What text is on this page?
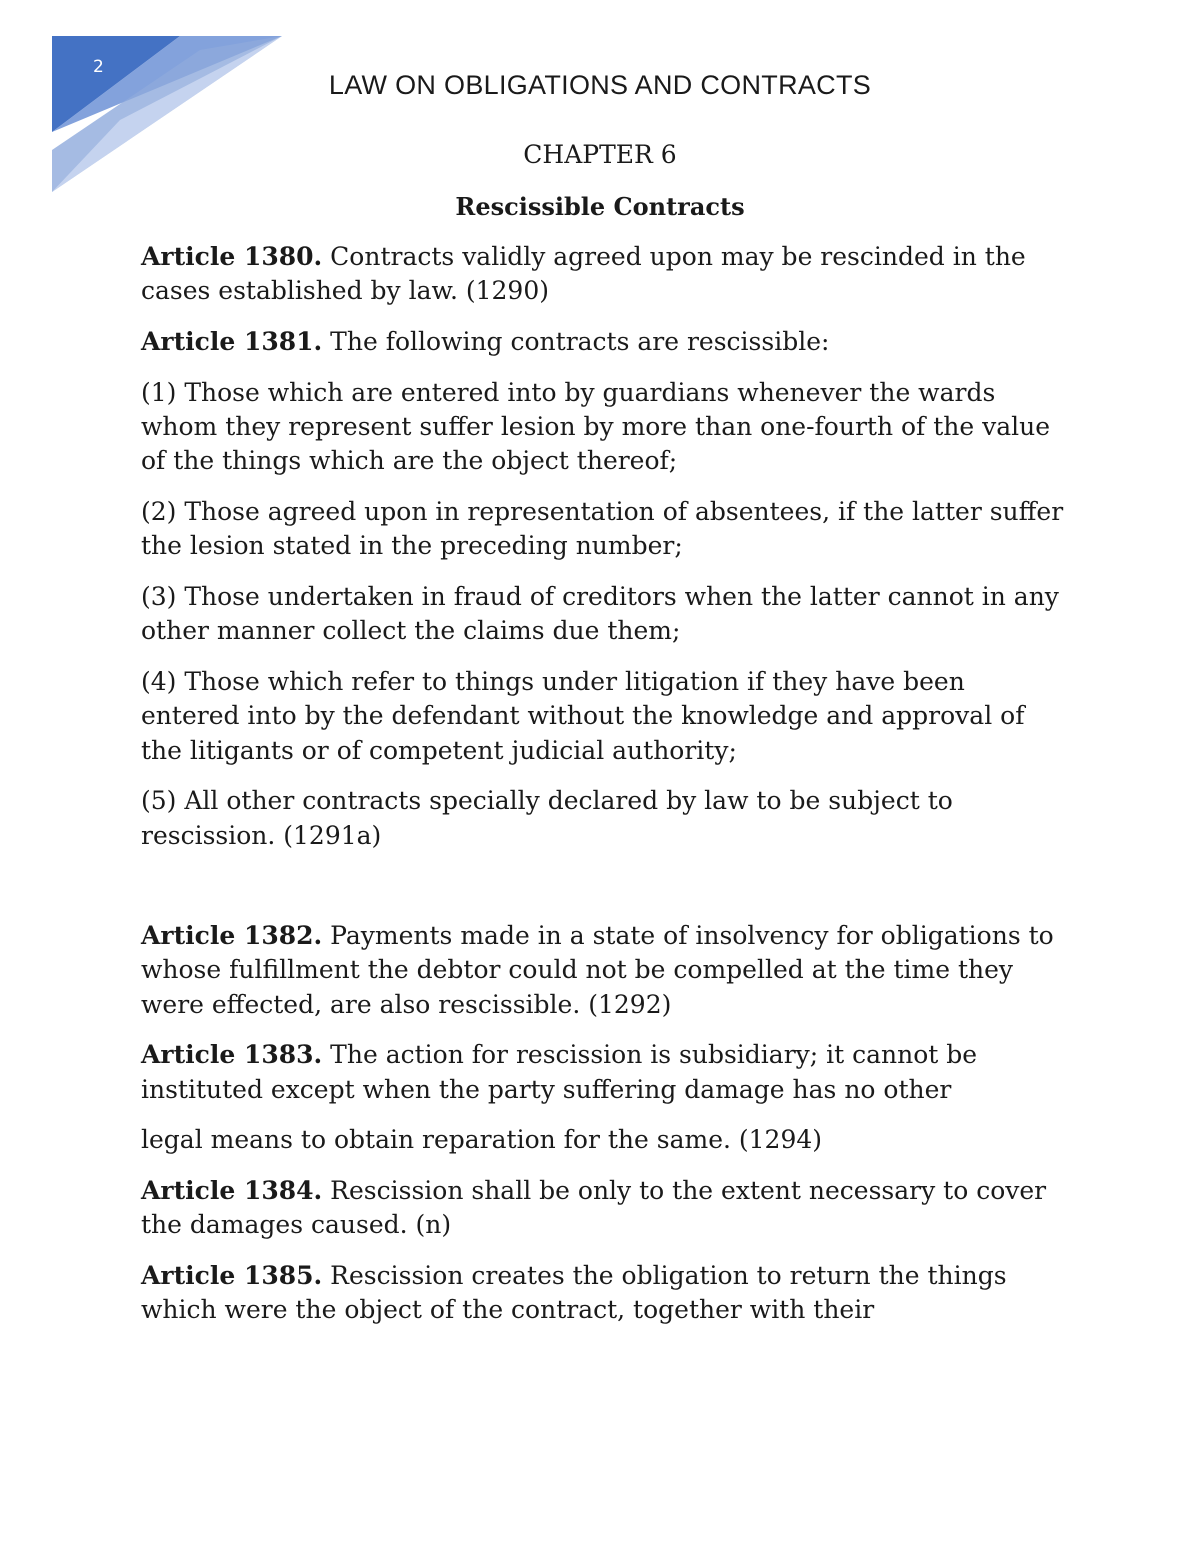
2
LAW ON OBLIGATIONS AND CONTRACTS
CHAPTER 6
Rescissible Contracts

Article 1380. Contracts validly agreed upon may be rescinded in the cases established by law. (1290)

Article 1381. The following contracts are rescissible:

(1) Those which are entered into by guardians whenever the wards whom they represent suffer lesion by more than one-fourth of the value of the things which are the object thereof;

(2) Those agreed upon in representation of absentees, if the latter suffer the lesion stated in the preceding number;

(3) Those undertaken in fraud of creditors when the latter cannot in any other manner collect the claims due them;

(4) Those which refer to things under litigation if they have been entered into by the defendant without the knowledge and approval of the litigants or of competent judicial authority;

(5) All other contracts specially declared by law to be subject to rescission. (1291a)

Article 1382. Payments made in a state of insolvency for obligations to whose fulfillment the debtor could not be compelled at the time they were effected, are also rescissible. (1292)

Article 1383. The action for rescission is subsidiary; it cannot be instituted except when the party suffering damage has no other

legal means to obtain reparation for the same. (1294)

Article 1384. Rescission shall be only to the extent necessary to cover the damages caused. (n)

Article 1385. Rescission creates the obligation to return the things which were the object of the contract, together with their
